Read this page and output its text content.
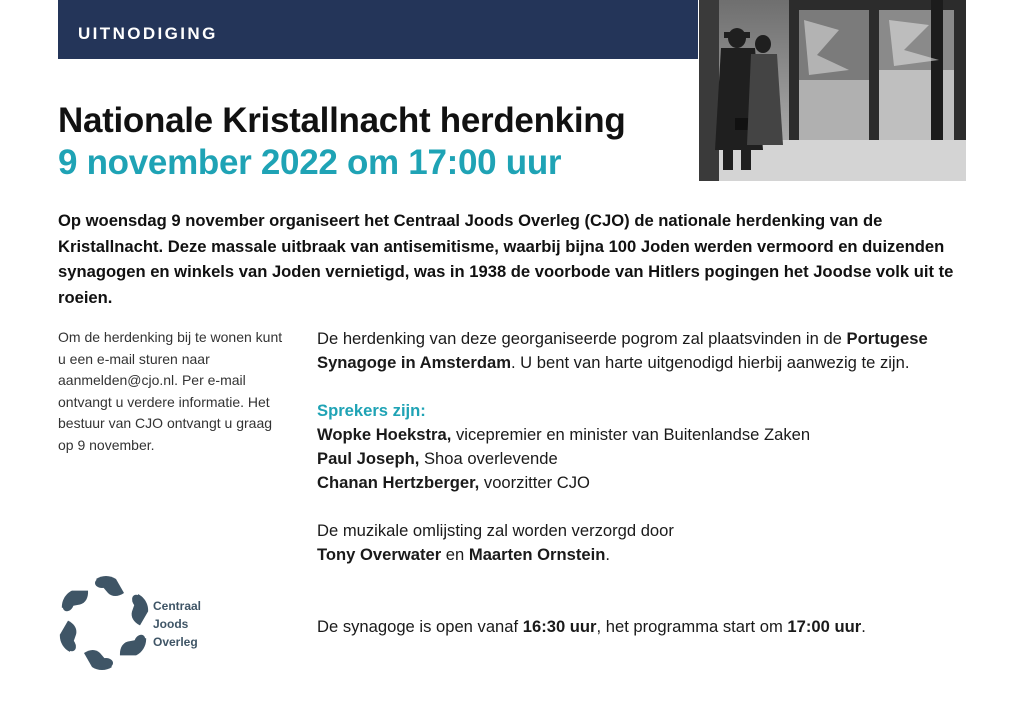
UITNODIGING
Nationale Kristallnacht herdenking
9 november 2022 om 17:00 uur

Op woensdag 9 november organiseert het Centraal Joods Overleg (CJO) de nationale herdenking van de Kristallnacht. Deze massale uitbraak van antisemitisme, waarbij bijna 100 Joden werden vermoord en duizenden synagogen en winkels van Joden vernietigd, was in 1938 de voorbode van Hitlers pogingen het Joodse volk uit te roeien.

Om de herdenking bij te wonen kunt u een e-mail sturen naar aanmelden@cjo.nl. Per e-mail ontvangt u verdere informatie. Het bestuur van CJO ontvangt u graag op 9 november.

De herdenking van deze georganiseerde pogrom zal plaatsvinden in de Portugese Synagoge in Amsterdam. U bent van harte uitgenodigd hierbij aanwezig te zijn.

Sprekers zijn:

Wopke Hoekstra, vicepremier en minister van Buitenlandse Zaken

Paul Joseph, Shoa overlevende

Chanan Hertzberger, voorzitter CJO

De muzikale omlijsting zal worden verzorgd door

Tony Overwater en Maarten Ornstein.

De synagoge is open vanaf 16:30 uur, het programma start om 17:00 uur.

Centraal
Joods
Overleg
